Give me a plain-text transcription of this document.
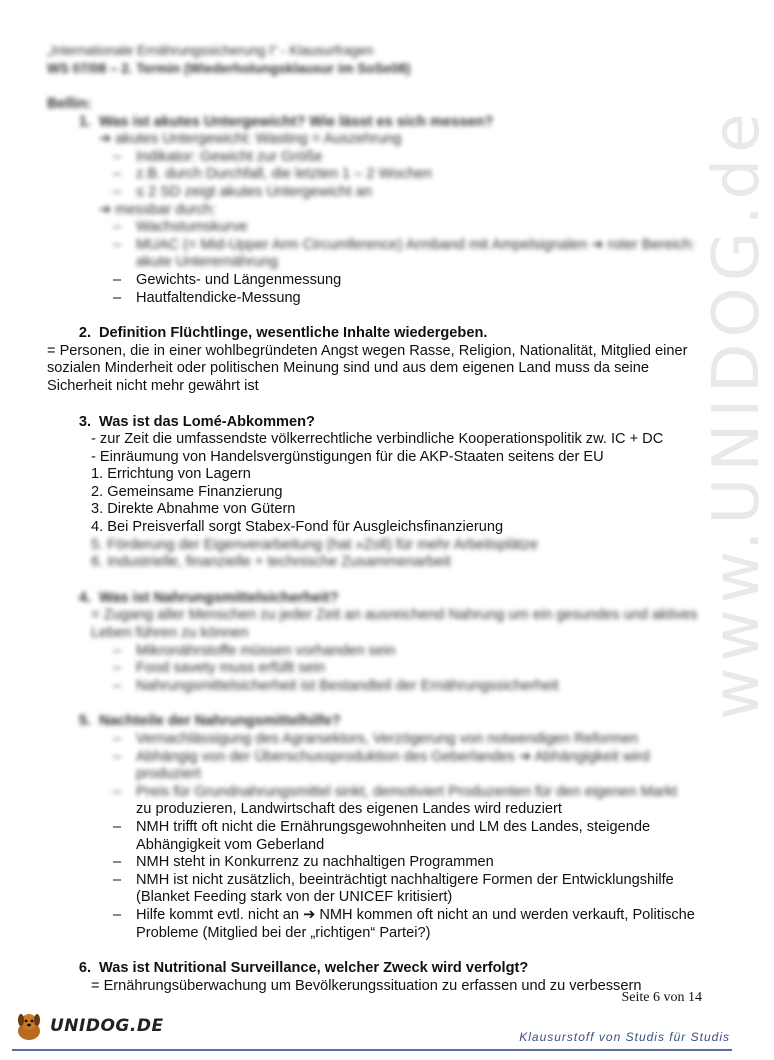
www.UNIDOG.de
„Internationale Ernährungssicherung I“ - Klausurfragen
WS 07/08 – 2. Termin (Wiederholungsklausur im SoSe08)

Bellin:

1. Was ist akutes Untergewicht? Wie lässt es sich messen?

➔ akutes Untergewicht: Wasting = Auszehrung

–	Indikator: Gewicht zur Größe
–	z.B. durch Durchfall, die letzten 1 – 2 Wochen
–	≤ 2 SD zeigt akutes Untergewicht an

➔ messbar durch:

–	Wachstumskurve
–	MUAC (= Mid-Upper Arm Circumference) Armband mit Ampelsignalen ➔ roter Bereich: akute Unterernährung
–	Gewichts- und Längenmessung
–	Hautfaltendicke-Messung
2. Definition Flüchtlinge, wesentliche Inhalte wiedergeben.

= Personen, die in einer wohlbegründeten Angst wegen Rasse, Religion, Nationalität, Mitglied einer sozialen Minderheit oder politischen Meinung sind und aus dem eigenen Land muss da seine Sicherheit nicht mehr gewährt ist

3. Was ist das Lomé-Abkommen?

- zur Zeit die umfassendste völkerrechtliche verbindliche Kooperationspolitik zw. IC + DC

- Einräumung von Handelsvergünstigungen für die AKP-Staaten seitens der EU

1. Errichtung von Lagern

2. Gemeinsame Finanzierung

3. Direkte Abnahme von Gütern

4. Bei Preisverfall sorgt Stabex-Fond für Ausgleichsfinanzierung

5. Förderung der Eigenverarbeitung (hat »Zoll) für mehr Arbeitsplätze

6. Industrielle, finanzielle + technische Zusammenarbeit

4. Was ist Nahrungsmittelsicherheit?

= Zugang aller Menschen zu jeder Zeit an ausreichend Nahrung um ein gesundes und aktives Leben führen zu können

–	Mikronährstoffe müssen vorhanden sein
–	Food savety muss erfüllt sein
–	Nahrungsmittelsicherheit ist Bestandteil der Ernährungssicherheit
5. Nachteile der Nahrungsmittelhilfe?
–	Vernachlässigung des Agrarsektors, Verzögerung von notwendigen Reformen
–	Abhängig von der Überschussproduktion des Geberlandes ➔ Abhängigkeit wird produziert
–	Preis für Grundnahrungsmittel sinkt, demotiviert Produzenten für den eigenen Markt
zu produzieren, Landwirtschaft des eigenen Landes wird reduziert
–	NMH trifft oft nicht die Ernährungsgewohnheiten und LM des Landes, steigende Abhängigkeit vom Geberland
–	NMH steht in Konkurrenz zu nachhaltigen Programmen
–	NMH ist nicht zusätzlich, beeinträchtigt nachhaltigere Formen der Entwicklungshilfe (Blanket Feeding stark von der UNICEF kritisiert)
–	Hilfe kommt evtl. nicht an ➔ NMH kommen oft nicht an und werden verkauft, Politische Probleme (Mitglied bei der „richtigen“ Partei?)
6. Was ist Nutritional Surveillance, welcher Zweck wird verfolgt?

= Ernährungsüberwachung um Bevölkerungssituation zu erfassen und zu verbessern

Seite 6 von 14
UNIDOG.DE
Klausurstoff von Studis für Studis
